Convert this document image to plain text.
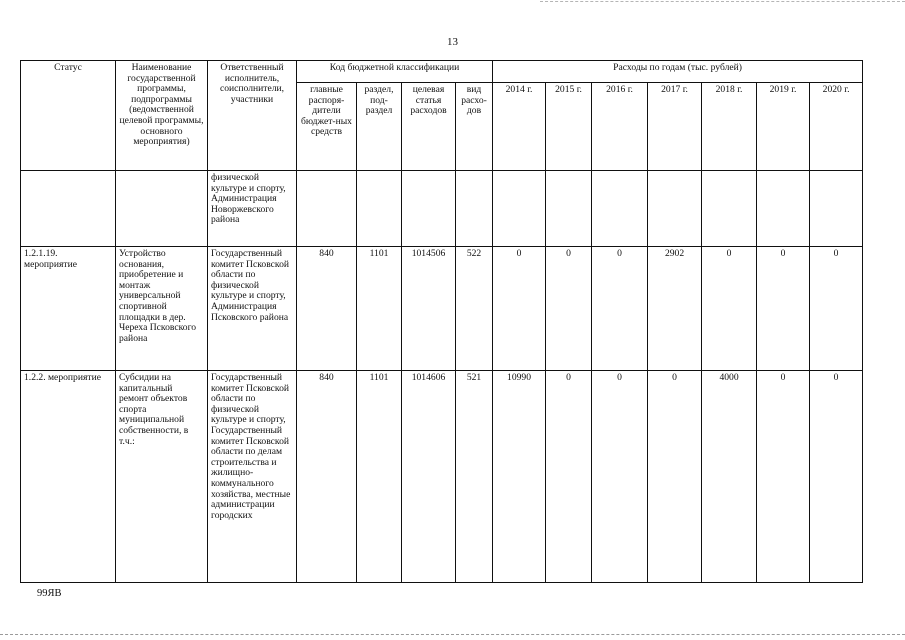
13
Статус	Наименование государственной программы, подпрограммы (ведомственной целевой программы, основного мероприятия)	Ответственный исполнитель, соисполнители, участники	Код бюджетной классификации				Расходы по годам (тыс. рублей)						
			главные распоря-дители бюджет-ных средств	раздел, под-раздел	целевая статья расходов	вид расхо-дов	2014 г.	2015 г.	2016 г.	2017 г.	2018 г.	2019 г.	2020 г.
		физической культуре и спорту, Администрация Новоржевского района											
1.2.1.19. мероприятие	Устройство основания, приобретение и монтаж универсальной спортивной площадки в дер. Череха Псковского района	Государственный комитет Псковской области по физической культуре и спорту, Администрация Псковского района	840	1101	1014506	522	0	0	0	2902	0	0	0
1.2.2. мероприятие	Субсидии на капитальный ремонт объектов спорта муниципальной собственности, в т.ч.:	Государственный комитет Псковской области по физической культуре и спорту, Государственный комитет Псковской области по делам строительства и жилищно-коммунального хозяйства, местные администрации городских	840	1101	1014606	521	10990	0	0	0	4000	0	0
99ЯВ
